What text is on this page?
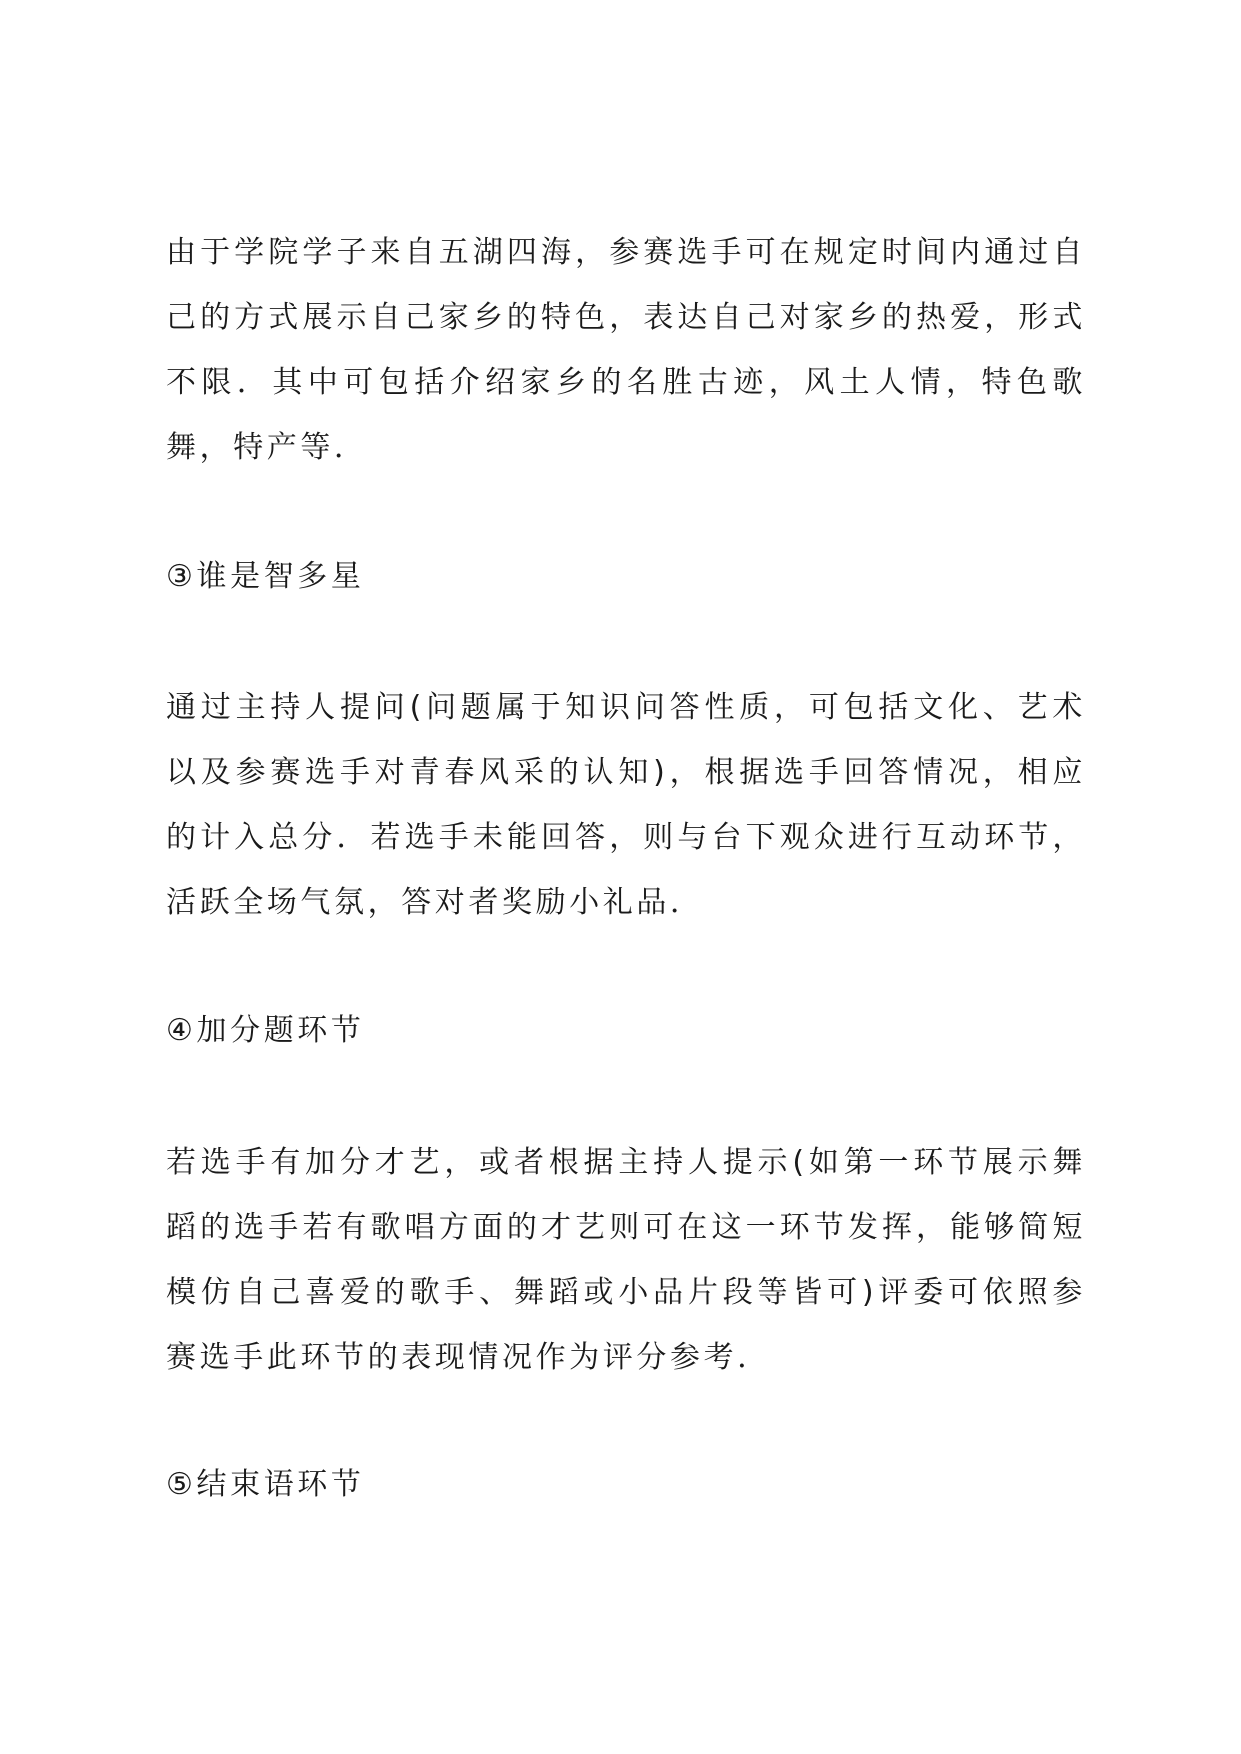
由于学院学子来自五湖四海，参赛选手可在规定时间内通过自己的方式展示自己家乡的特色，表达自己对家乡的热爱，形式不限．其中可包括介绍家乡的名胜古迹，风土人情，特色歌舞，特产等．

③谁是智多星

通过主持人提问(问题属于知识问答性质，可包括文化、艺术以及参赛选手对青春风采的认知)，根据选手回答情况，相应的计入总分．若选手未能回答，则与台下观众进行互动环节，活跃全场气氛，答对者奖励小礼品．

④加分题环节

若选手有加分才艺，或者根据主持人提示(如第一环节展示舞蹈的选手若有歌唱方面的才艺则可在这一环节发挥，能够简短模仿自己喜爱的歌手、舞蹈或小品片段等皆可)评委可依照参赛选手此环节的表现情况作为评分参考．

⑤结束语环节
